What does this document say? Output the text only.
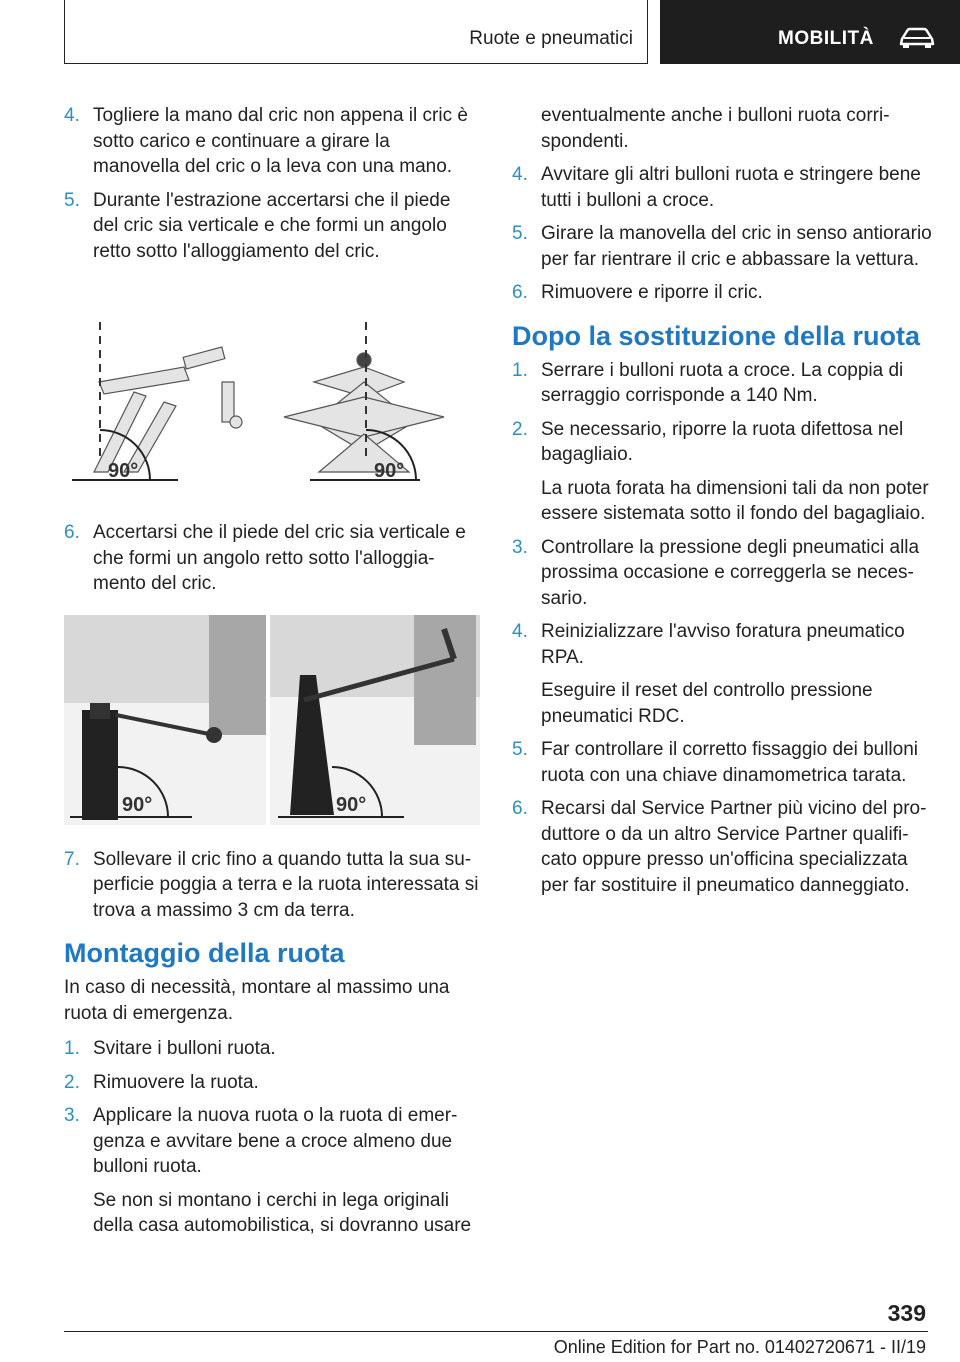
Ruote e pneumatici	MOBILITÀ
4. Togliere la mano dal cric non appena il cric è sotto carico e continuare a girare la manovella del cric o la leva con una mano.
5. Durante l'estrazione accertarsi che il piede del cric sia verticale e che formi un angolo retto sotto l'alloggiamento del cric.
90°	90°
6. Accertarsi che il piede del cric sia verticale e che formi un angolo retto sotto l'alloggia-mento del cric.
90°	90°
7. Sollevare il cric fino a quando tutta la sua su-perficie poggia a terra e la ruota interessata si trova a massimo 3 cm da terra.
Montaggio della ruota
In caso di necessità, montare al massimo una ruota di emergenza.
1. Svitare i bulloni ruota.
2. Rimuovere la ruota.
3. Applicare la nuova ruota o la ruota di emer-genza e avvitare bene a croce almeno due bulloni ruota.
Se non si montano i cerchi in lega originali della casa automobilistica, si dovranno usare
eventualmente anche i bulloni ruota corri-spondenti.
4. Avvitare gli altri bulloni ruota e stringere bene tutti i bulloni a croce.
5. Girare la manovella del cric in senso antiorario per far rientrare il cric e abbassare la vettura.
6. Rimuovere e riporre il cric.
Dopo la sostituzione della ruota
1. Serrare i bulloni ruota a croce. La coppia di serraggio corrisponde a 140 Nm.
2. Se necessario, riporre la ruota difettosa nel bagagliaio.
La ruota forata ha dimensioni tali da non poter essere sistemata sotto il fondo del bagagliaio.
3. Controllare la pressione degli pneumatici alla prossima occasione e correggerla se neces-sario.
4. Reinizializzare l'avviso foratura pneumatico RPA.
Eseguire il reset del controllo pressione pneumatici RDC.
5. Far controllare il corretto fissaggio dei bulloni ruota con una chiave dinamometrica tarata.
6. Recarsi dal Service Partner più vicino del pro-duttore o da un altro Service Partner qualifi-cato oppure presso un'officina specializzata per far sostituire il pneumatico danneggiato.
339
Online Edition for Part no. 01402720671 - II/19
